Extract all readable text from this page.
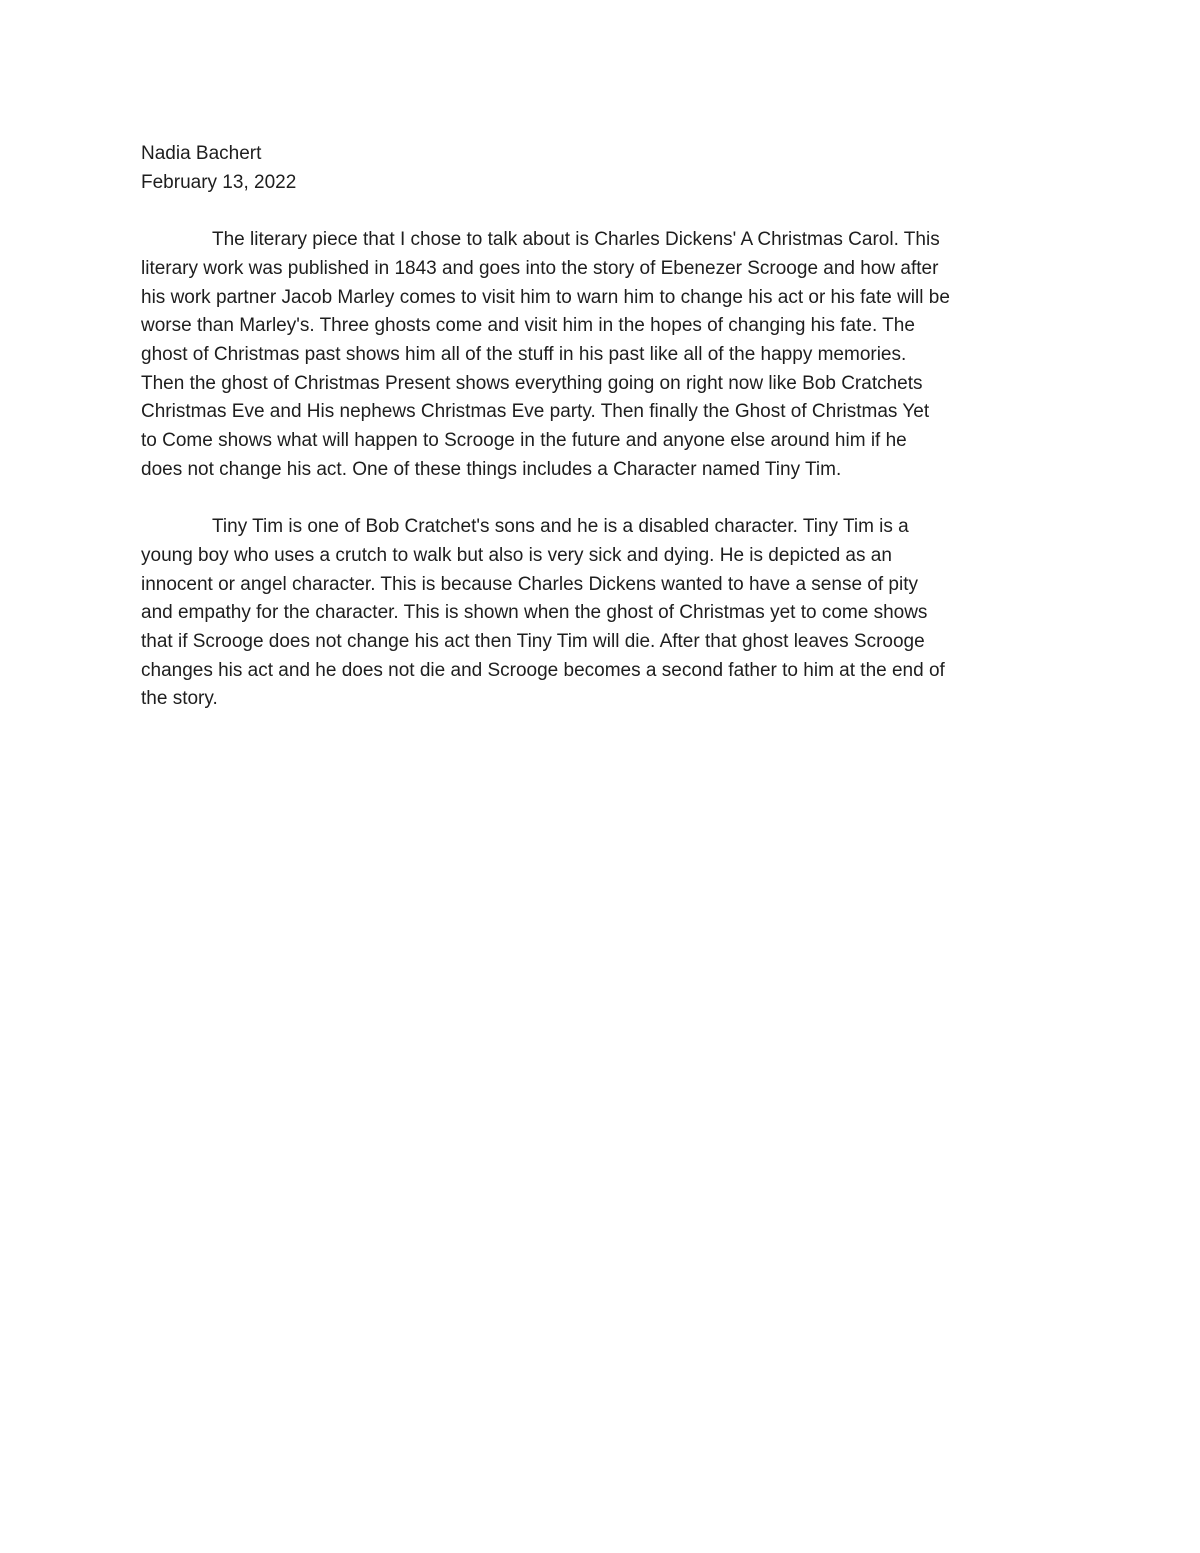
Nadia Bachert
February 13, 2022
The literary piece that I chose to talk about is Charles Dickens' A Christmas Carol. This
literary work was published in 1843 and goes into the story of Ebenezer Scrooge and how after
his work partner Jacob Marley comes to visit him to warn him to change his act or his fate will be
worse than Marley's. Three ghosts come and visit him in the hopes of changing his fate. The
ghost of Christmas past shows him all of the stuff in his past like all of the happy memories.
Then the ghost of Christmas Present shows everything going on right now like Bob Cratchets
Christmas Eve and His nephews Christmas Eve party. Then finally the Ghost of Christmas Yet
to Come shows what will happen to Scrooge in the future and anyone else around him if he
does not change his act. One of these things includes a Character named Tiny Tim.
Tiny Tim is one of Bob Cratchet's sons and he is a disabled character. Tiny Tim is a
young boy who uses a crutch to walk but also is very sick and dying. He is depicted as an
innocent or angel character. This is because Charles Dickens wanted to have a sense of pity
and empathy for the character. This is shown when the ghost of Christmas yet to come shows
that if Scrooge does not change his act then Tiny Tim will die. After that ghost leaves Scrooge
changes his act and he does not die and Scrooge becomes a second father to him at the end of
the story.
